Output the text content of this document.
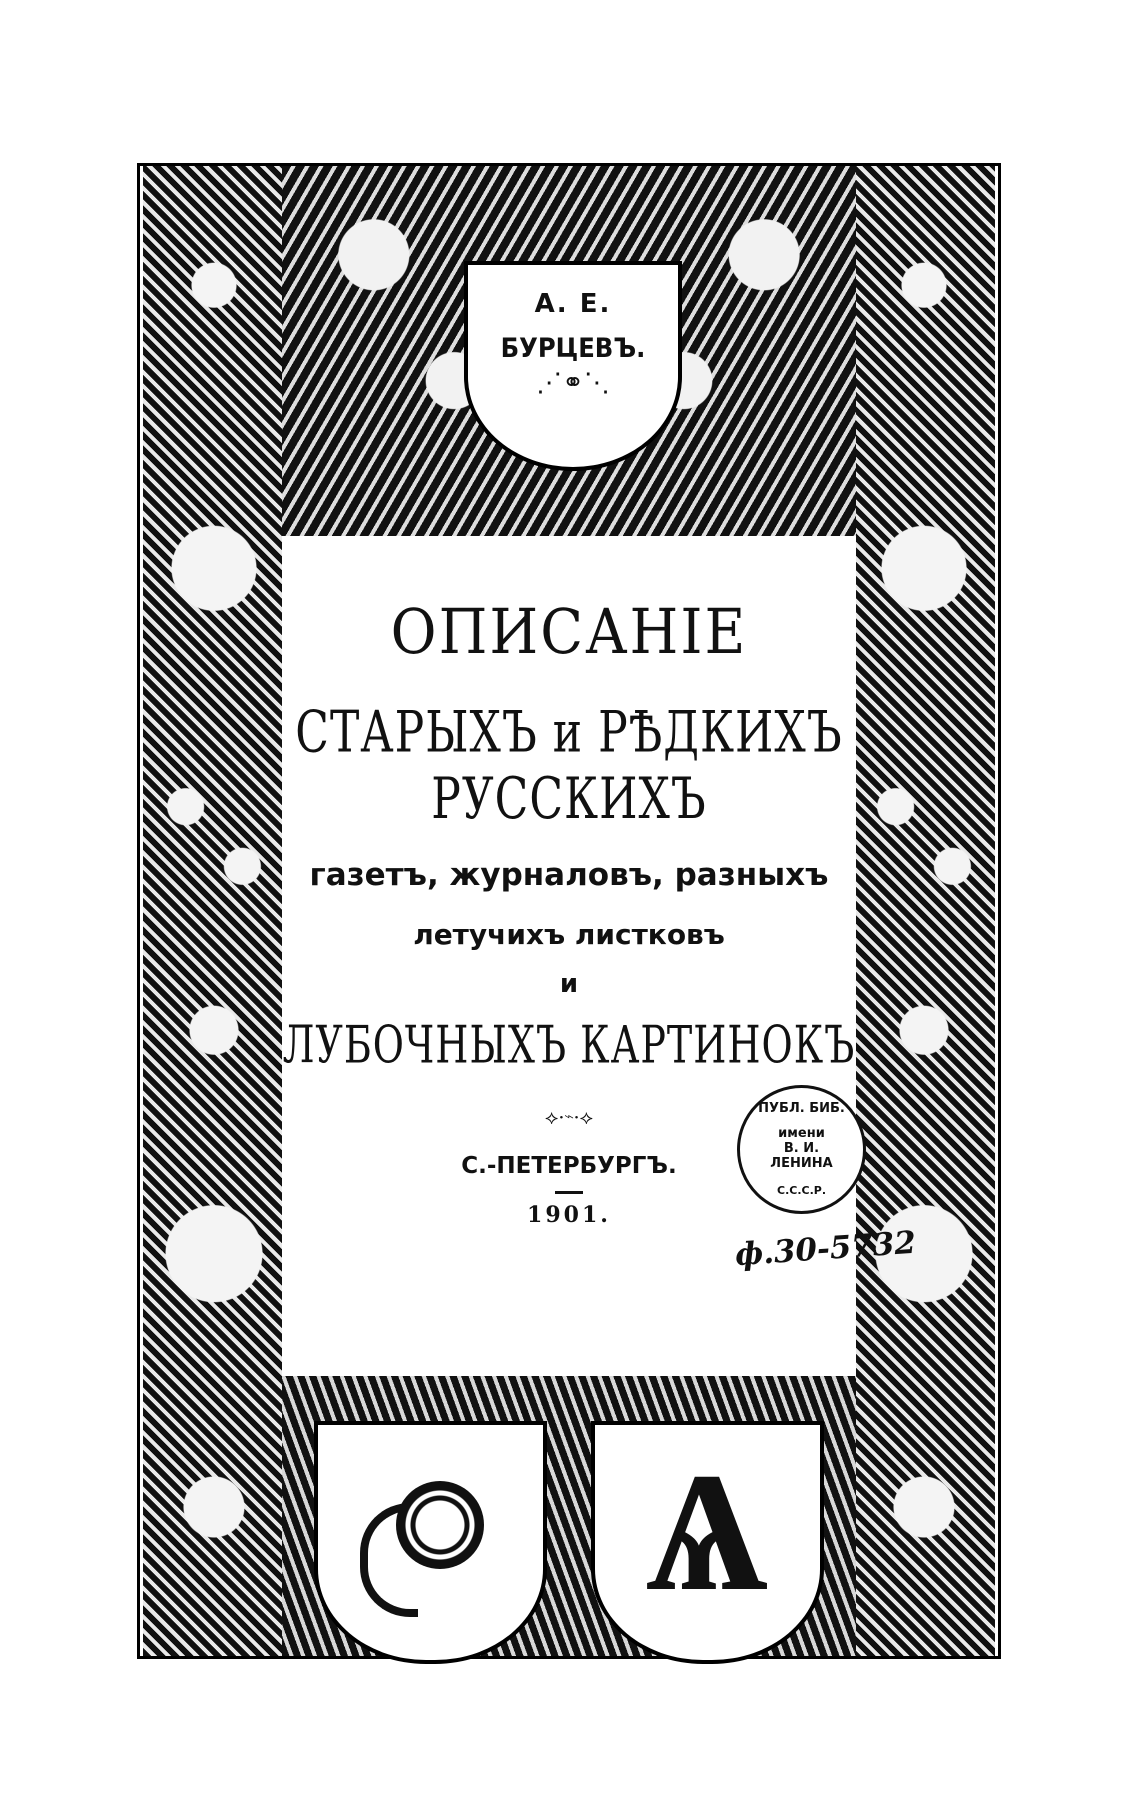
А. Е.
БУРЦЕВЪ.
⋰⚭⋱
ОПИСАНІЕ
СТАРЫХЪ и РѢДКИХЪ РУССКИХЪ
газетъ, журналовъ, разныхъ
летучихъ листковъ
и
ЛУБОЧНЫХЪ КАРТИНОКЪ
⟡·⌁·⟡
С.-ПЕТЕРБУРГЪ.
1901.
Ѧ
ПУБЛ. БИБ.
имени
В. И.
ЛЕНИНА
С.С.С.Р.
ф.30-5732
